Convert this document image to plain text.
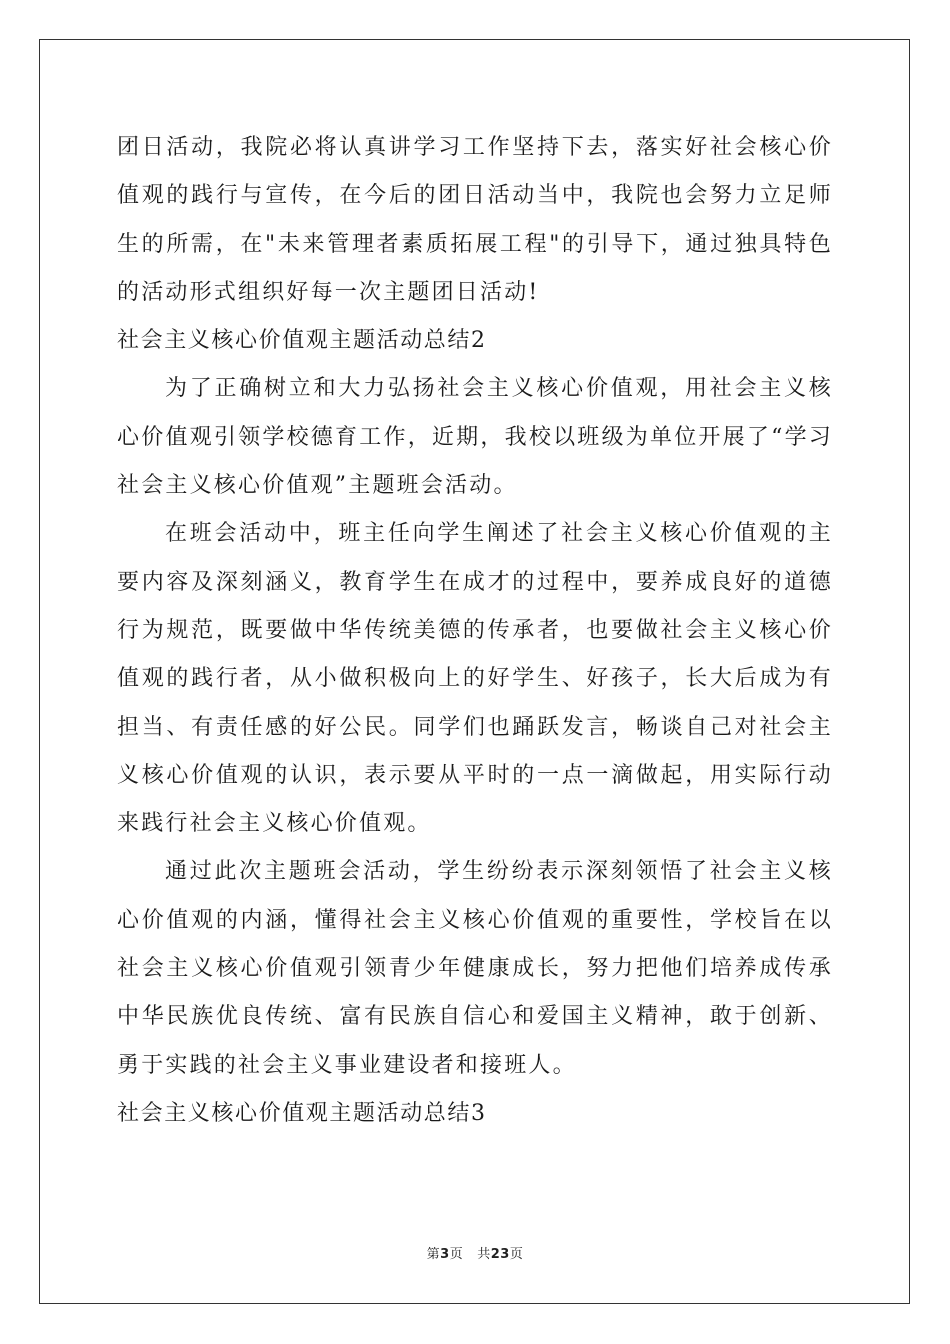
团日活动，我院必将认真讲学习工作坚持下去，落实好社会核心价值观的践行与宣传，在今后的团日活动当中，我院也会努力立足师生的所需，在"未来管理者素质拓展工程"的引导下，通过独具特色的活动形式组织好每一次主题团日活动!

社会主义核心价值观主题活动总结2

为了正确树立和大力弘扬社会主义核心价值观，用社会主义核心价值观引领学校德育工作，近期，我校以班级为单位开展了“学习社会主义核心价值观”主题班会活动。

在班会活动中，班主任向学生阐述了社会主义核心价值观的主要内容及深刻涵义，教育学生在成才的过程中，要养成良好的道德行为规范，既要做中华传统美德的传承者，也要做社会主义核心价值观的践行者，从小做积极向上的好学生、好孩子，长大后成为有担当、有责任感的好公民。同学们也踊跃发言，畅谈自己对社会主义核心价值观的认识，表示要从平时的一点一滴做起，用实际行动来践行社会主义核心价值观。

通过此次主题班会活动，学生纷纷表示深刻领悟了社会主义核心价值观的内涵，懂得社会主义核心价值观的重要性，学校旨在以社会主义核心价值观引领青少年健康成长，努力把他们培养成传承中华民族优良传统、富有民族自信心和爱国主义精神，敢于创新、勇于实践的社会主义事业建设者和接班人。

社会主义核心价值观主题活动总结3

第3页 共23页
